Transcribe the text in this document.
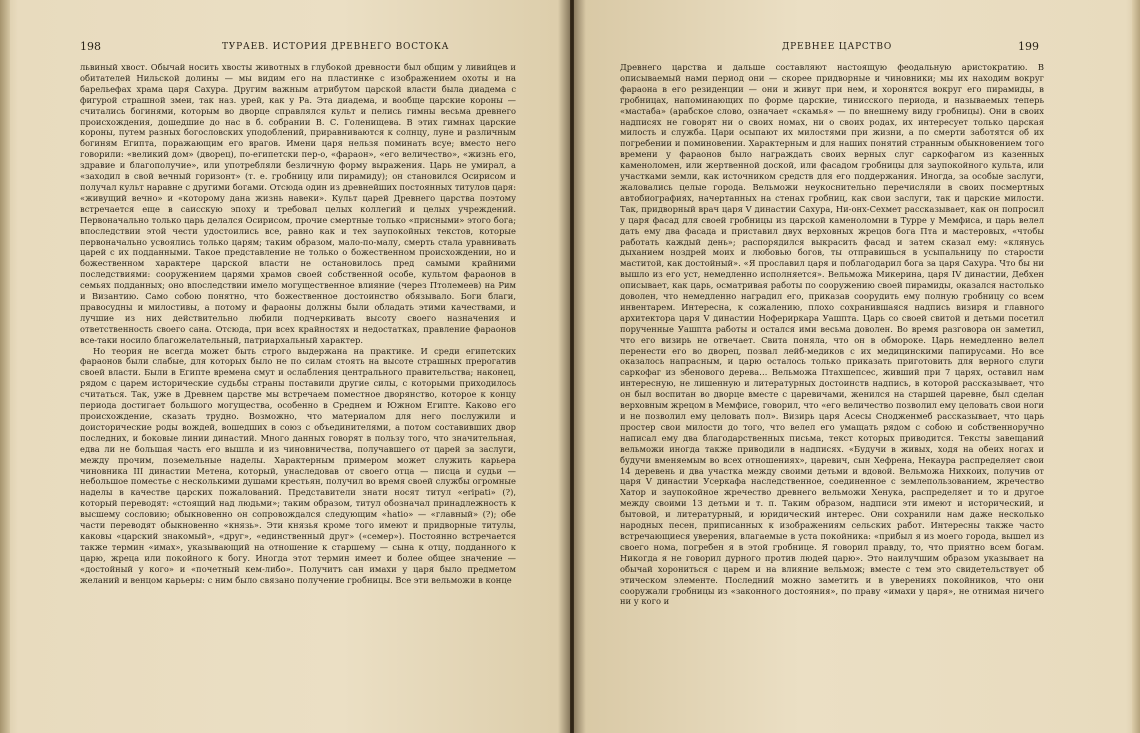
198	ТУРАЕВ. ИСТОРИЯ ДРЕВНЕГО ВОСТОКА

львиный хвост. Обычай носить хвосты животных в глубокой древности был общим у ливийцев и обитателей Нильской долины — мы видим его на пластинке с изображением охоты и на барельефах храма царя Сахура. Другим важным атрибутом царской власти была диадема с фигурой страшной змеи, так наз. урей, как у Ра. Эта диадема, и вообще царские короны — считались богинями, которым во дворце справлялся культ и пелись гимны весьма древнего происхождения, дошедшие до нас в б. собрании В. С. Голенищева. В этих гимнах царские короны, путем разных богословских уподоблений, приравниваются к солнцу, луне и различным богиням Египта, поражающим его врагов. Имени царя нельзя поминать всуе; вместо него говорили: «великий дом» (дворец), по-египетски пер-о, «фараон», «его величество», «жизнь его, здравие и благополучие», или употребляли безличную форму выражения. Царь не умирал, а «заходил в свой вечный горизонт» (т. е. гробницу или пирамиду); он становился Осирисом и получал культ наравне с другими богами. Отсюда один из древнейших постоянных титулов царя: «живущий вечно» и «которому дана жизнь навеки». Культ царей Древнего царства поэтому встречается еще в саисскую эпоху и требовал целых коллегий и целых учреждений. Первоначально только царь делался Осирисом, прочие смертные только «присными» этого бога; впоследствии этой чести удостоились все, равно как и тех заупокойных текстов, которые первоначально усвоялись только царям; таким образом, мало-по-малу, смерть стала уравнивать царей с их подданными. Такое представление не только о божественном происхождении, но и божественном характере царской власти не остановилось пред самыми крайними последствиями: сооружением царями храмов своей собственной особе, культом фараонов в семьях подданных; оно впоследствии имело могущественное влияние (через Птолемеев) на Рим и Византию. Само собою понятно, что божественное достоинство обязывало. Боги благи, правосудны и милостивы, а потому и фараоны должны были обладать этими качествами, и лучшие из них действительно любили подчеркивать высоту своего назначения и ответственность своего сана. Отсюда, при всех крайностях и недостатках, правление фараонов все-таки носило благожелательный, патриархальный характер.

Но теория не всегда может быть строго выдержана на практике. И среди египетских фараонов были слабые, для которых было не по силам стоять на высоте страшных прерогатив своей власти. Были в Египте времена смут и ослабления центрального правительства; наконец, рядом с царем исторические судьбы страны поставили другие силы, с которыми приходилось считаться. Так, уже в Древнем царстве мы встречаем поместное дворянство, которое к концу периода достигает большого могущества, особенно в Среднем и Южном Египте. Каково его происхождение, сказать трудно. Возможно, что материалом для него послужили и доисторические роды вождей, вошедших в союз с объединителями, а потом составивших двор последних, и боковые линии династий. Много данных говорят в пользу того, что значительная, едва ли не большая часть его вышла и из чиновничества, получавшего от царей за заслуги, между прочим, поземельные наделы. Характерным примером может служить карьера чиновника III династии Метена, который, унаследовав от своего отца — писца и судьи — небольшое поместье с несколькими душами крестьян, получил во время своей службы огромные наделы в качестве царских пожалований. Представители знати носят титул «eripati» (?), который переводят: «стоящий над людьми»; таким образом, титул обозначал принадлежность к высшему сословию; обыкновенно он сопровождался следующим «hatio» — «главный» (?); обе части переводят обыкновенно «князь». Эти князья кроме того имеют и придворные титулы, каковы «царский знакомый», «друг», «единственный друг» («семер»). Постоянно встречается также термин «имах», указывающий на отношение к старшему — сына к отцу, подданного к царю, жреца или покойного к богу. Иногда этот термин имеет и более общее значение — «достойный у кого» и «почетный кем-либо». Получитъ сан имахи у царя было предметом желаний и венцом карьеры: с ним было связано получение гробницы. Все эти вельможи в конце

ДРЕВНЕЕ ЦАРСТВО	199

Древнего царства и дальше составляют настоящую феодальную аристократию. В описываемый нами период они — скорее придворные и чиновники; мы их находим вокруг фараона в его резиденции — они и живут при нем, и хоронятся вокруг его пирамиды, в гробницах, напоминающих по форме царские, тинисского периода, и называемых теперь «мастаба» (арабское слово, означает «скамья» — по внешнему виду гробницы). Они в своих надписях не говорят ни о своих номах, ни о своих родах, их интересует только царская милость и служба. Цари осыпают их милостями при жизни, а по смерти заботятся об их погребении и поминовении. Характерным и для наших понятий странным обыкновением того времени у фараонов было награждать своих верных слуг саркофагом из казенных каменоломен, или жертвенной доской, или фасадом гробницы для заупокойного культа, или участками земли, как источником средств для его поддержания. Иногда, за особые заслуги, жаловались целые города. Вельможи неукоснительно перечисляли в своих посмертных автобиографиях, начертанных на стенах гробниц, как свои заслуги, так и царские милости. Так, придворный врач царя V династии Сахура, Ни-онх-Сехмет рассказывает, как он попросил у царя фасад для своей гробницы из царской каменоломни в Турре у Мемфиса, и царь велел дать ему два фасада и приставил двух верховных жрецов бога Пта и мастеровых, «чтобы работать каждый день»; распорядился выкрасить фасад и затем сказал ему: «клянусь дыханием ноздрей моих и любовью богов, ты отправишься в усыпальницу по старости маститой, как достойный». «Я прославил царя и поблагодарил бога за царя Сахура. Что бы ни вышло из его уст, немедленно исполняется». Вельможа Микерина, царя IV династии, Дебхен описывает, как царь, осматривая работы по сооружению своей пирамиды, оказался настолько доволен, что немедленно наградил его, приказав соорудить ему полную гробницу со всем инвентарем. Интересна, к сожалению, плохо сохранившаяся надпись визиря и главного архитектора царя V династии Нофериркара Уашпта. Царь со своей свитой и детьми посетил порученные Уашпта работы и остался ими весьма доволен. Во время разговора он заметил, что его визирь не отвечает. Свита поняла, что он в обмороке. Царь немедленно велел перенести его во дворец, позвал лейб-медиков с их медицинскими папирусами. Но все оказалось напрасным, и царю осталось только приказать приготовить для верного слуги саркофаг из эбенового дерева… Вельможа Птахшепсес, живший при 7 царях, оставил нам интересную, не лишенную и литературных достоинств надпись, в которой рассказывает, что он был воспитан во дворце вместе с царевичами, женился на старшей царевне, был сделан верховным жрецом в Мемфисе, говорил, что «его величество позволил ему целовать свои ноги и не позволил ему целовать пол». Визирь царя Асесы Снодженмеб рассказывает, что царь простер свои милости до того, что велел его умащать рядом с собою и собственноручно написал ему два благодарственных письма, текст которых приводится. Тексты завещаний вельможи иногда также приводили в надписях. «Будучи в живых, ходя на обеих ногах и будучи вменяемым во всех отношениях», царевич, сын Хефрена, Некаура распределяет свои 14 деревень и два участка между своими детьми и вдовой. Вельможа Нихкоих, получив от царя V династии Усеркафа наследственное, соединенное с землепользованием, жречество Хатор и заупокойное жречество древнего вельможи Хенука, распределяет и то и другое между своими 13 детьми и т. п. Таким образом, надписи эти имеют и исторический, и бытовой, и литературный, и юридический интерес. Они сохранили нам даже несколько народных песен, приписанных к изображениям сельских работ. Интересны также часто встречающиеся уверения, влагаемые в уста покойника: «прибыл я из моего города, вышел из своего нома, погребен я в этой гробнице. Я говорил правду, то, что приятно всем богам. Никогда я не говорил дурного против людей царю». Это наилучшим образом указывает на обычай хорониться с царем и на влияние вельмож; вместе с тем это свидетельствует об этическом элементе. Последний можно заметить и в уверениях покойников, что они сооружали гробницы из «законного достояния», по праву «имахи у царя», не отнимая ничего ни у кого и
